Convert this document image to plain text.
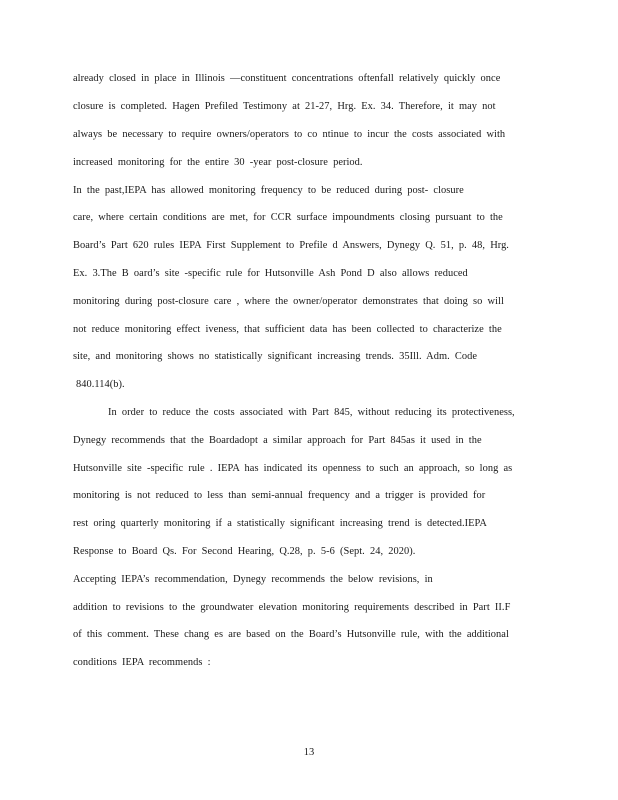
already closed in place in Illinois —constituent concentrations oftenfall relatively quickly once
closure is completed. Hagen Prefiled Testimony at 21-27, Hrg. Ex. 34. Therefore, it may not
always be necessary to require owners/operators to co ntinue to incur the costs associated with
increased monitoring for the entire 30 -year post-closure period.
In the past,IEPA has allowed monitoring frequency to be reduced during post- closure
care, where certain conditions are met, for CCR surface impoundments closing pursuant to the
Board’s Part 620 rules IEPA First Supplement to Prefile d Answers, Dynegy Q. 51, p. 48, Hrg.
Ex. 3.The B oard’s site -specific rule for Hutsonville Ash Pond D also allows reduced
monitoring during post-closure care , where the owner/operator demonstrates that doing so will
not reduce monitoring effect iveness, that sufficient data has been collected to characterize the
site, and monitoring shows no statistically significant increasing trends. 35Ill. Adm. Code
840.114(b).
In order to reduce the costs associated with Part 845, without reducing its protectiveness,
Dynegy recommends that the Boardadopt a similar approach for Part 845as it used in the
Hutsonville site -specific rule . IEPA has indicated its openness to such an approach, so long as
monitoring is not reduced to less than semi-annual frequency and a trigger is provided for
rest oring quarterly monitoring if a statistically significant increasing trend is detected.IEPA
Response to Board Qs. For Second Hearing, Q.28, p. 5-6 (Sept. 24, 2020).
Accepting IEPA’s recommendation, Dynegy recommends the below revisions, in
addition to revisions to the groundwater elevation monitoring requirements described in Part II.F
of this comment. These chang es are based on the Board’s Hutsonville rule, with the additional
conditions IEPA recommends :
13
